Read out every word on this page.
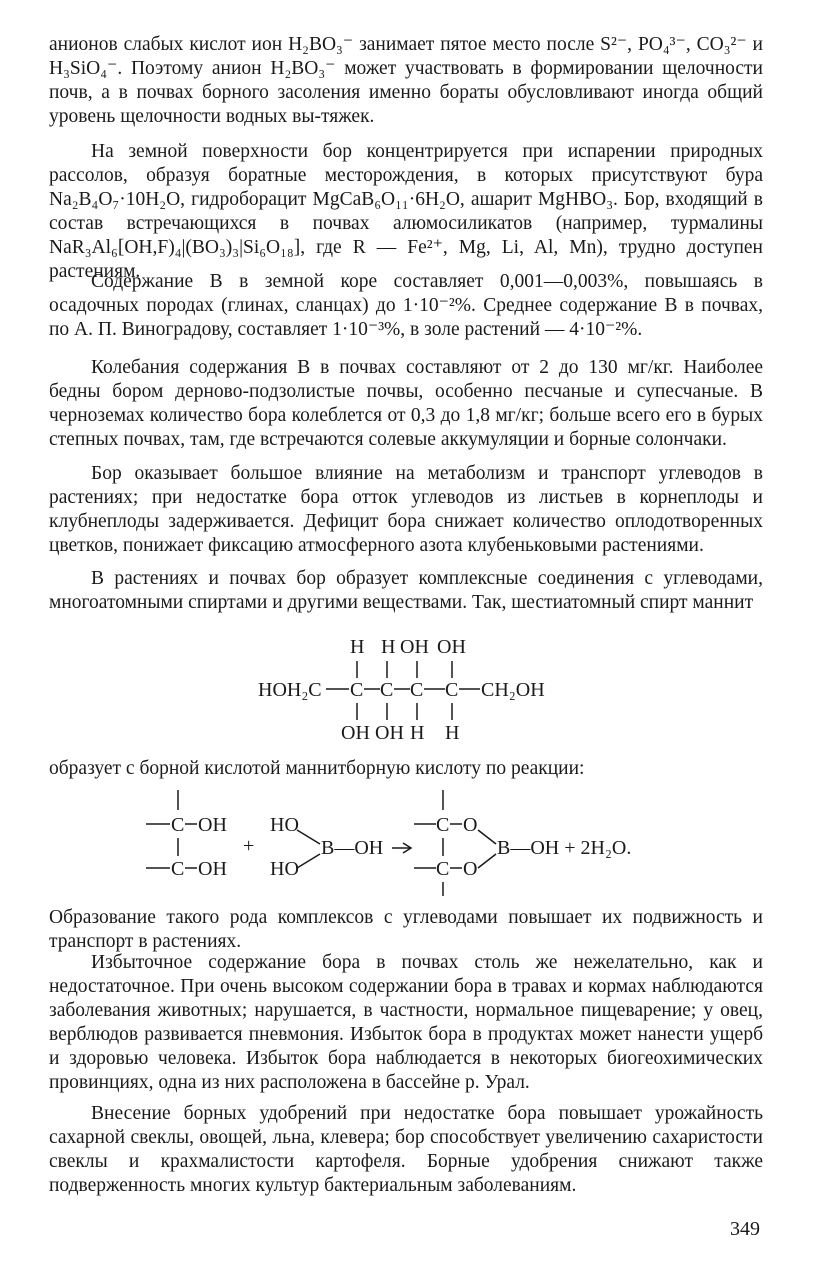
анионов слабых кислот ион H₂BO₃⁻ занимает пятое место после S²⁻, PO₄³⁻, CO₃²⁻ и H₃SiO₄⁻. Поэтому анион H₂BO₃⁻ может участвовать в формировании щелочности почв, а в почвах борного засоления именно бораты обусловливают иногда общий уровень щелочности водных вы-тяжек.

На земной поверхности бор концентрируется при испарении природных рассолов, образуя боратные месторождения, в которых присутствуют бура Na₂B₄O₇·10H₂O, гидроборацит MgCaB₆O₁₁·6H₂O, ашарит MgHBO₃. Бор, входящий в состав встречающихся в почвах алюмосиликатов (например, турмалины NaR₃Al₆[OH,F)₄|(BO₃)₃|Si₆O₁₈], где R — Fe²⁺, Mg, Li, Al, Mn), трудно доступен растениям.

Содержание B в земной коре составляет 0,001—0,003%, повышаясь в осадочных породах (глинах, сланцах) до 1·10⁻²%. Среднее содержание B в почвах, по А. П. Виноградову, составляет 1·10⁻³%, в золе растений — 4·10⁻²%.

Колебания содержания B в почвах составляют от 2 до 130 мг/кг. Наиболее бедны бором дерново-подзолистые почвы, особенно песчаные и супесчаные. В черноземах количество бора колеблется от 0,3 до 1,8 мг/кг; больше всего его в бурых степных почвах, там, где встречаются солевые аккумуляции и борные солончаки.

Бор оказывает большое влияние на метаболизм и транспорт углеводов в растениях; при недостатке бора отток углеводов из листьев в корнеплоды и клубнеплоды задерживается. Дефицит бора снижает количество оплодотворенных цветков, понижает фиксацию атмосферного азота клубеньковыми растениями.

В растениях и почвах бор образует комплексные соединения с углеводами, многоатомными спиртами и другими веществами. Так, шестиатомный спирт маннит

H H OH OH
HOH₂C C C C C CH₂OH
OH OH H H

образует с борной кислотой маннитборную кислоту по реакции:

C OH
C OH
+
HO
HO
B—OH
C O
C O
B—OH + 2H₂O.

Образование такого рода комплексов с углеводами повышает их подвижность и транспорт в растениях.

Избыточное содержание бора в почвах столь же нежелательно, как и недостаточное. При очень высоком содержании бора в травах и кормах наблюдаются заболевания животных; нарушается, в частности, нормальное пищеварение; у овец, верблюдов развивается пневмония. Избыток бора в продуктах может нанести ущерб и здоровью человека. Избыток бора наблюдается в некоторых биогеохимических провинциях, одна из них расположена в бассейне р. Урал.

Внесение борных удобрений при недостатке бора повышает урожайность сахарной свеклы, овощей, льна, клевера; бор способствует увеличению сахаристости свеклы и крахмалистости картофеля. Борные удобрения снижают также подверженность многих культур бактериальным заболеваниям.

349
